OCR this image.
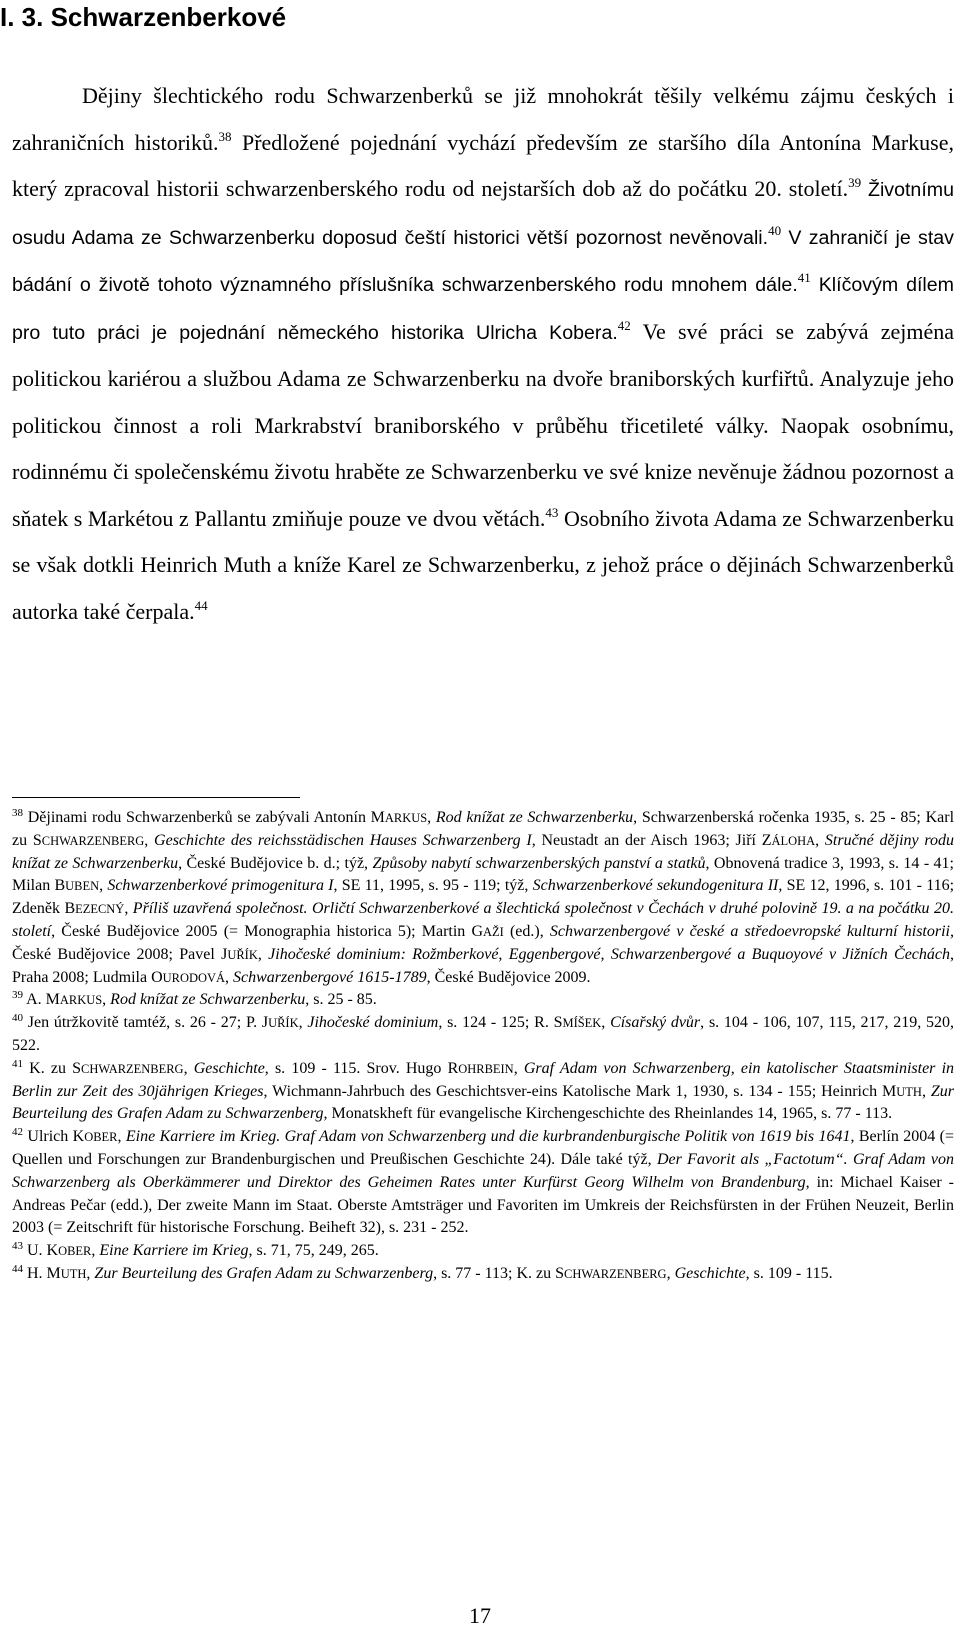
I. 3. Schwarzenberkové

Dějiny šlechtického rodu Schwarzenberků se již mnohokrát těšily velkému zájmu českých i zahraničních historiků.$^{38}$ Předložené pojednání vychází především ze staršího díla Antonína Markuse, který zpracoval historii schwarzenberského rodu od nejstarších dob až do počátku 20. století.$^{39}$ Životnímu osudu Adama ze Schwarzenberku doposud čeští historici větší pozornost nevěnovali.$^{40}$ V zahraničí je stav bádání o životě tohoto významného příslušníka schwarzenberského rodu mnohem dále.$^{41}$ Klíčovým dílem pro tuto práci je pojednání německého historika Ulricha Kobera.$^{42}$ Ve své práci se zabývá zejména politickou kariérou a službou Adama ze Schwarzenberku na dvoře braniborských kurfiřtů. Analyzuje jeho politickou činnost a roli Markrabství braniborského v průběhu třicetileté války. Naopak osobnímu, rodinnému či společenskému životu hraběte ze Schwarzenberku ve své knize nevěnuje žádnou pozornost a sňatek s Markétou z Pallantu zmiňuje pouze ve dvou větách.$^{43}$ Osobního života Adama ze Schwarzenberku se však dotkli Heinrich Muth a kníže Karel ze Schwarzenberku, z jehož práce o dějinách Schwarzenberků autorka také čerpala.$^{44}$

$^{38}$ Dějinami rodu Schwarzenberků se zabývali Antonín MARKUS, Rod knížat ze Schwarzenberku, Schwarzenberská ročenka 1935, s. 25 - 85; Karl zu SCHWARZENBERG, Geschichte des reichsstädischen Hauses Schwarzenberg I, Neustadt an der Aisch 1963; Jiří ZÁLOHA, Stručné dějiny rodu knížat ze Schwarzenberku, České Budějovice b. d.; týž, Způsoby nabytí schwarzenberských panství a statků, Obnovená tradice 3, 1993, s. 14 - 41; Milan BUBEN, Schwarzenberkové primogenitura I, SE 11, 1995, s. 95 - 119; týž, Schwarzenberkové sekundogenitura II, SE 12, 1996, s. 101 - 116; Zdeněk BEZECNÝ, Příliš uzavřená společnost. Orličtí Schwarzenberkové a šlechtická společnost v Čechách v druhé polovině 19. a na počátku 20. století, České Budějovice 2005 (= Monographia historica 5); Martin GAŽI (ed.), Schwarzenbergové v české a středoevropské kulturní historii, České Budějovice 2008; Pavel JUŘÍK, Jihočeské dominium: Rožmberkové, Eggenbergové, Schwarzenbergové a Buquoyové v Jižních Čechách, Praha 2008; Ludmila OURODOVÁ, Schwarzenbergové 1615-1789, České Budějovice 2009.

$^{39}$ A. MARKUS, Rod knížat ze Schwarzenberku, s. 25 - 85.

$^{40}$ Jen útržkovitě tamtéž, s. 26 - 27; P. JUŘÍK, Jihočeské dominium, s. 124 - 125; R. SMÍŠEK, Císařský dvůr, s. 104 - 106, 107, 115, 217, 219, 520, 522.

$^{41}$ K. zu SCHWARZENBERG, Geschichte, s. 109 - 115. Srov. Hugo ROHRBEIN, Graf Adam von Schwarzenberg, ein katolischer Staatsminister in Berlin zur Zeit des 30jährigen Krieges, Wichmann-Jahrbuch des Geschichtsver-eins Katolische Mark 1, 1930, s. 134 - 155; Heinrich MUTH, Zur Beurteilung des Grafen Adam zu Schwarzenberg, Monatskheft für evangelische Kirchengeschichte des Rheinlandes 14, 1965, s. 77 - 113.

$^{42}$ Ulrich KOBER, Eine Karriere im Krieg. Graf Adam von Schwarzenberg und die kurbrandenburgische Politik von 1619 bis 1641, Berlín 2004 (= Quellen und Forschungen zur Brandenburgischen und Preußischen Geschichte 24). Dále také týž, Der Favorit als „Factotum“. Graf Adam von Schwarzenberg als Oberkämmerer und Direktor des Geheimen Rates unter Kurfürst Georg Wilhelm von Brandenburg, in: Michael Kaiser - Andreas Pečar (edd.), Der zweite Mann im Staat. Oberste Amtsträger und Favoriten im Umkreis der Reichsfürsten in der Frühen Neuzeit, Berlin 2003 (= Zeitschrift für historische Forschung. Beiheft 32), s. 231 - 252.

$^{43}$ U. KOBER, Eine Karriere im Krieg, s. 71, 75, 249, 265.

$^{44}$ H. MUTH, Zur Beurteilung des Grafen Adam zu Schwarzenberg, s. 77 - 113; K. zu SCHWARZENBERG, Geschichte, s. 109 - 115.

17
